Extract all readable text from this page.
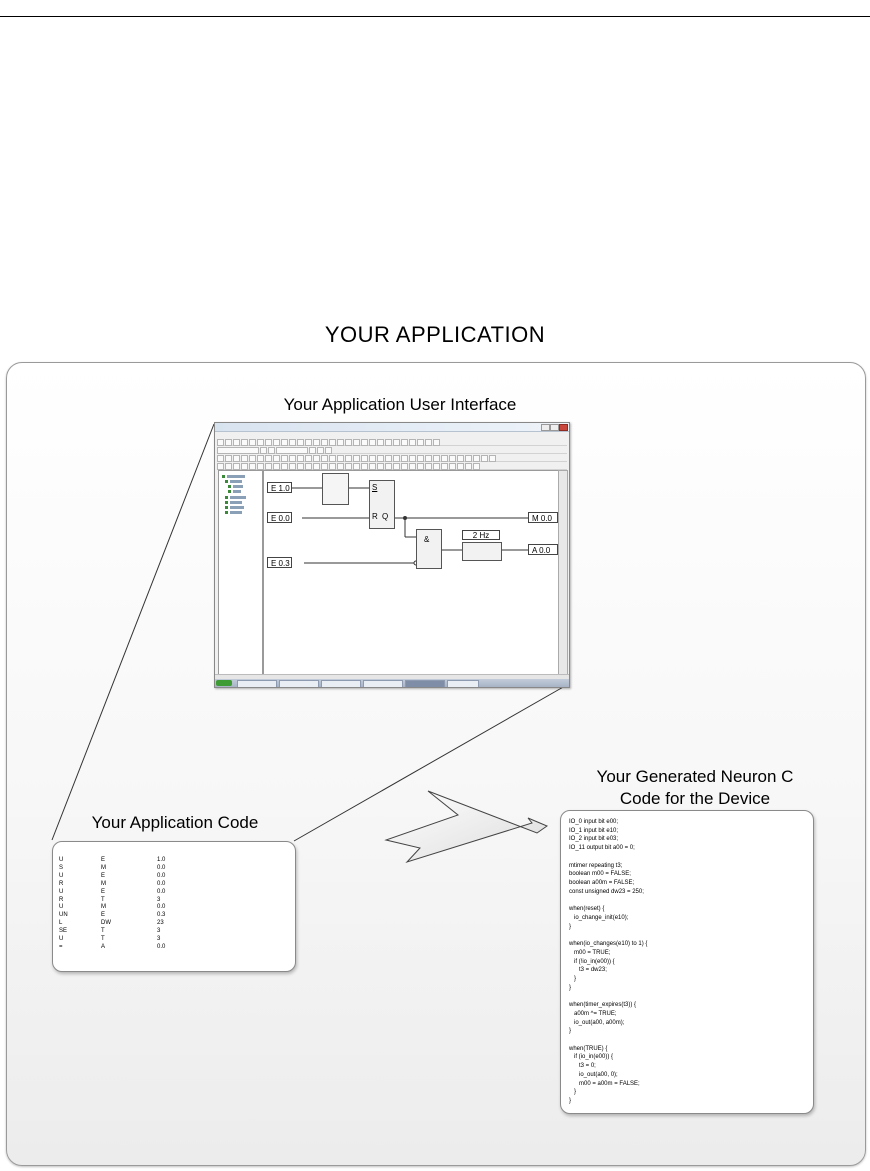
YOUR APPLICATION
Your Application User Interface
E 1.0
E 0.0
E 0.3
S
R Q
&	2 Hz
M 0.0
A 0.0
Your Generated Neuron C
Code for the Device
Your Application Code
U	E	1.0
S	M	0.0
U	E	0.0
R	M	0.0
U	E	0.0
R	T	3
U	M	0.0
UN	E	0.3
L	DW	23
SE	T	3
U	T	3
=	A	0.0
IO_0 input bit e00;
IO_1 input bit e10;
IO_2 input bit e03;
IO_11 output bit a00 = 0;
mtimer repeating t3;
boolean m00 = FALSE;
boolean a00m = FALSE;
const unsigned dw23 = 250;
when(reset) {
io_change_init(e10);
}
when(io_changes(e10) to 1) {
m00 = TRUE;
if (!io_in(e00)) {
t3 = dw23;
}
}
when(timer_expires(t3)) {
a00m ^= TRUE;
io_out(a00, a00m);
}
when(TRUE) {
if (io_in(e00)) {
t3 = 0;
io_out(a00, 0);
m00 = a00m = FALSE;
}
}
